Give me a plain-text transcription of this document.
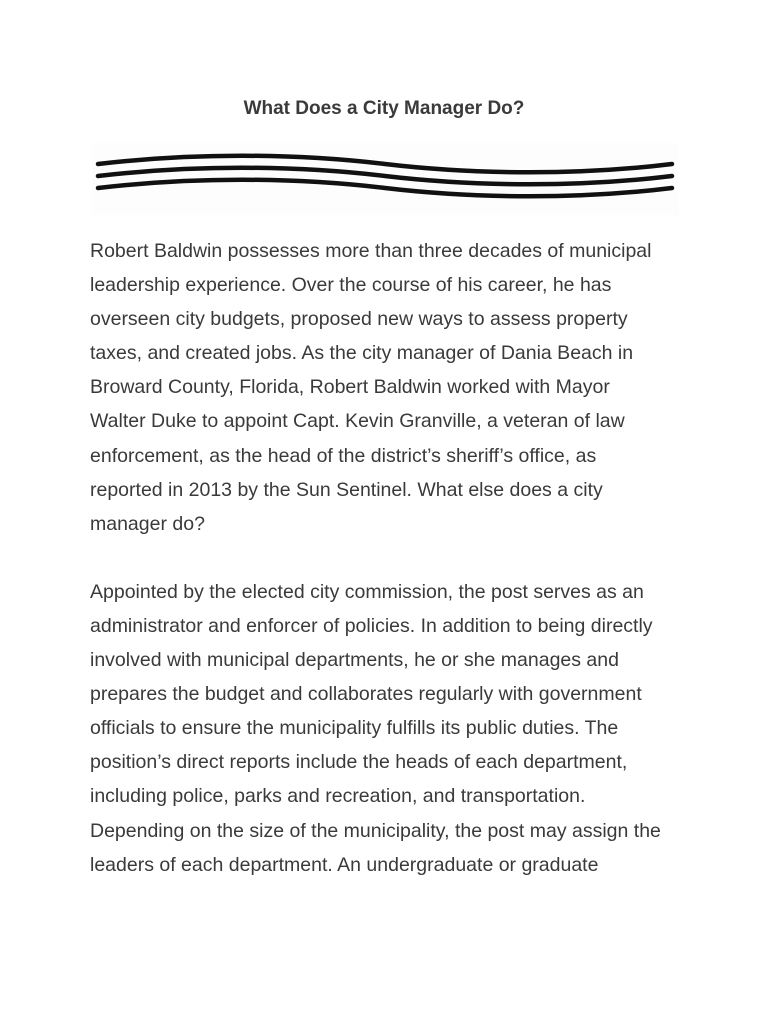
What Does a City Manager Do?

Robert Baldwin possesses more than three decades of municipal
leadership experience. Over the course of his career, he has
overseen city budgets, proposed new ways to assess property
taxes, and created jobs. As the city manager of Dania Beach in
Broward County, Florida, Robert Baldwin worked with Mayor
Walter Duke to appoint Capt. Kevin Granville, a veteran of law
enforcement, as the head of the district’s sheriff’s office, as
reported in 2013 by the Sun Sentinel. What else does a city
manager do?

Appointed by the elected city commission, the post serves as an
administrator and enforcer of policies. In addition to being directly
involved with municipal departments, he or she manages and
prepares the budget and collaborates regularly with government
officials to ensure the municipality fulfills its public duties. The
position’s direct reports include the heads of each department,
including police, parks and recreation, and transportation.
Depending on the size of the municipality, the post may assign the
leaders of each department. An undergraduate or graduate
